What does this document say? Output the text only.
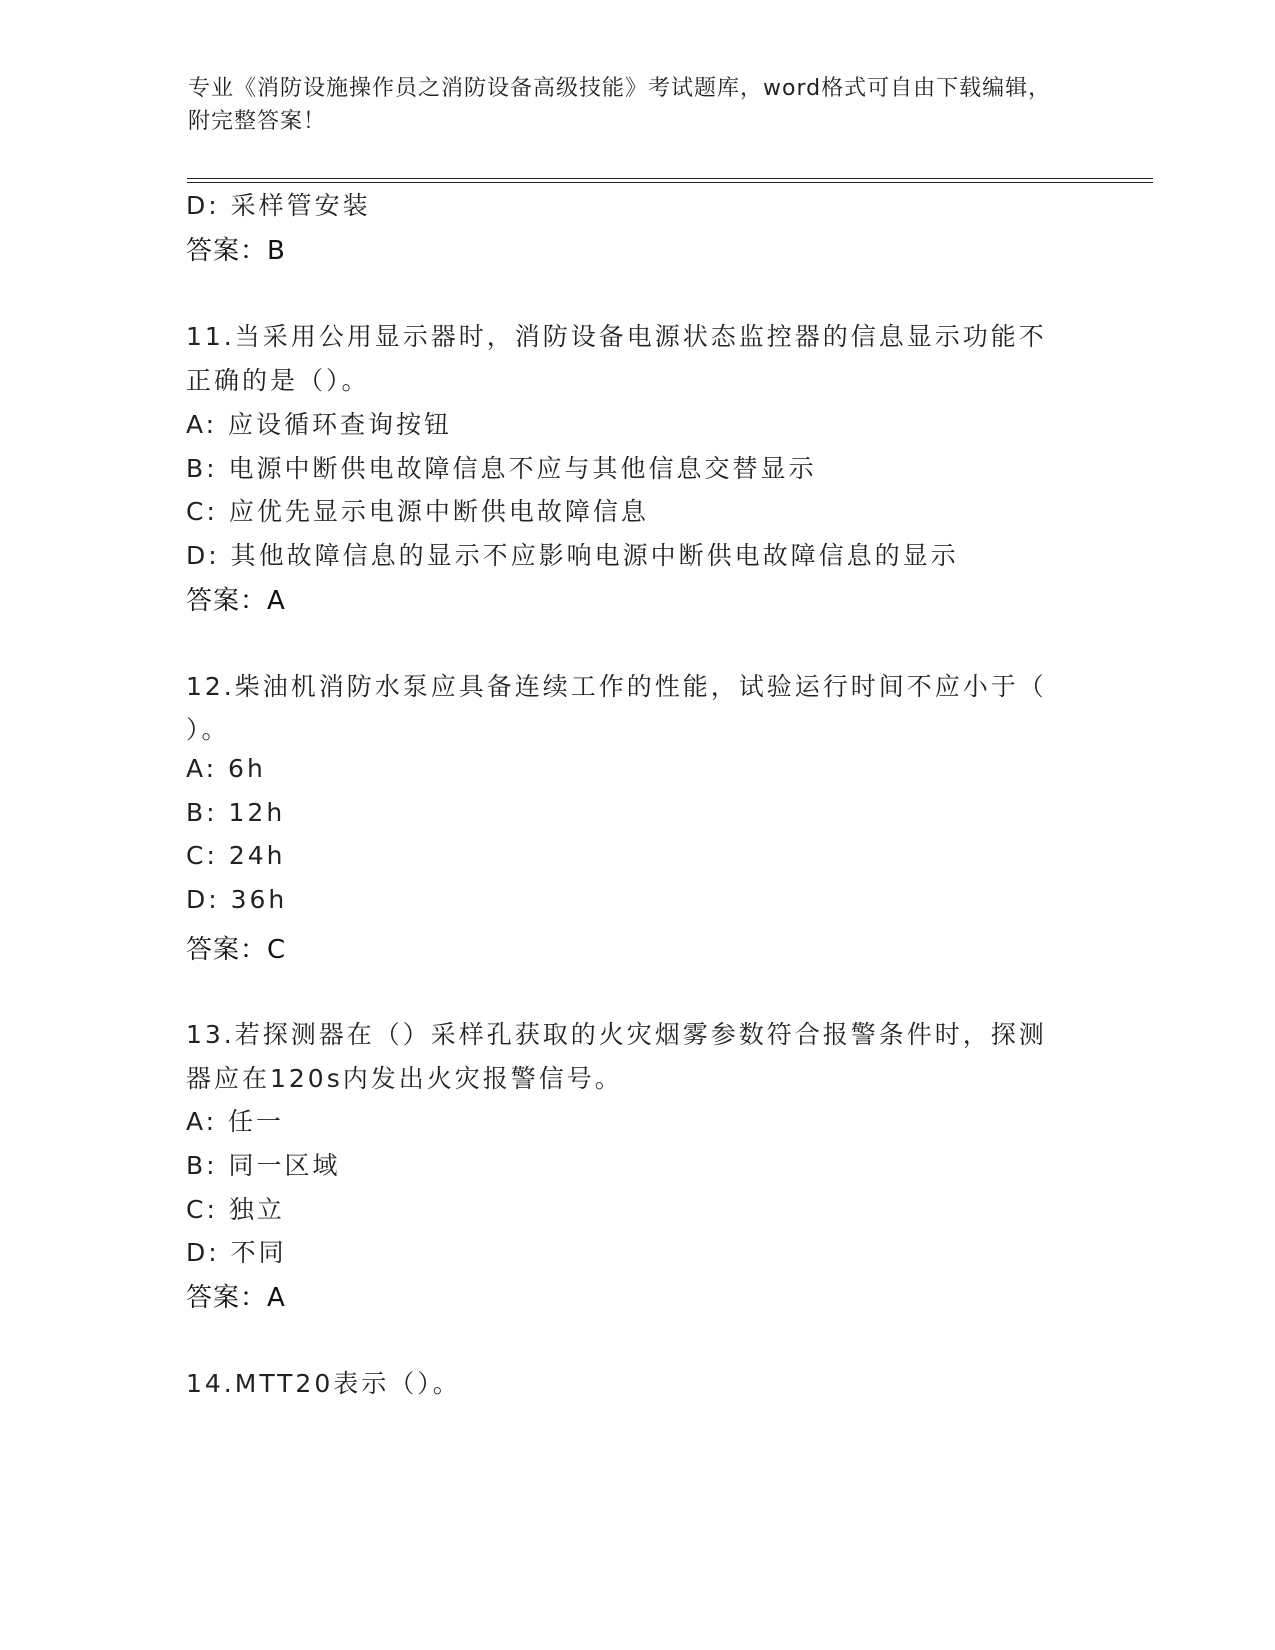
专业《消防设施操作员之消防设备高级技能》考试题库，word格式可自由下载编辑，附完整答案！
D: 采样管安装
答案：B
11.当采用公用显示器时，消防设备电源状态监控器的信息显示功能不
正确的是（）。
A: 应设循环查询按钮
B: 电源中断供电故障信息不应与其他信息交替显示
C: 应优先显示电源中断供电故障信息
D: 其他故障信息的显示不应影响电源中断供电故障信息的显示
答案：A
12.柴油机消防水泵应具备连续工作的性能，试验运行时间不应小于（
）。
A: 6h
B: 12h
C: 24h
D: 36h
答案：C
13.若探测器在（）采样孔获取的火灾烟雾参数符合报警条件时，探测
器应在120s内发出火灾报警信号。
A: 任一
B: 同一区域
C: 独立
D: 不同
答案：A
14.MTT20表示（）。
